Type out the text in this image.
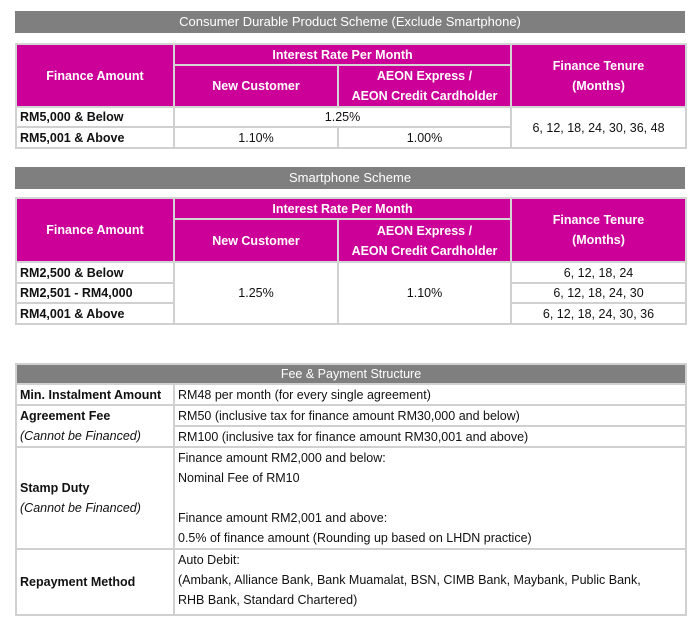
Consumer Durable Product Scheme (Exclude Smartphone)
Finance Amount	Interest Rate Per Month		Finance Tenure
(Months)

	New Customer	AEON Express /
AEON Credit Cardholder	

RM5,000 & Below	1.25%		6, 12, 18, 24, 30, 36, 48
RM5,001 & Above	1.10%	1.00%	
Smartphone Scheme
Finance Amount	Interest Rate Per Month		Finance Tenure
(Months)

	New Customer	AEON Express /
AEON Credit Cardholder	

RM2,500 & Below	1.25%	1.10%	6, 12, 18, 24
RM2,501 - RM4,000			6, 12, 18, 24, 30
RM4,001 & Above			6, 12, 18, 24, 30, 36
Fee & Payment Structure	
Min. Instalment Amount	RM48 per month (for every single agreement)

Agreement Fee
(Cannot be Financed)	RM50 (inclusive tax for finance amount RM30,000 and below)
	RM100 (inclusive tax for finance amount RM30,001 and above)

Stamp Duty
(Cannot be Financed)	Finance amount RM2,000 and below:
Nominal Fee of RM10

Finance amount RM2,001 and above:
0.5% of finance amount (Rounding up based on LHDN practice)

Repayment Method	Auto Debit:
(Ambank, Alliance Bank, Bank Muamalat, BSN, CIMB Bank, Maybank, Public Bank,
RHB Bank, Standard Chartered)
